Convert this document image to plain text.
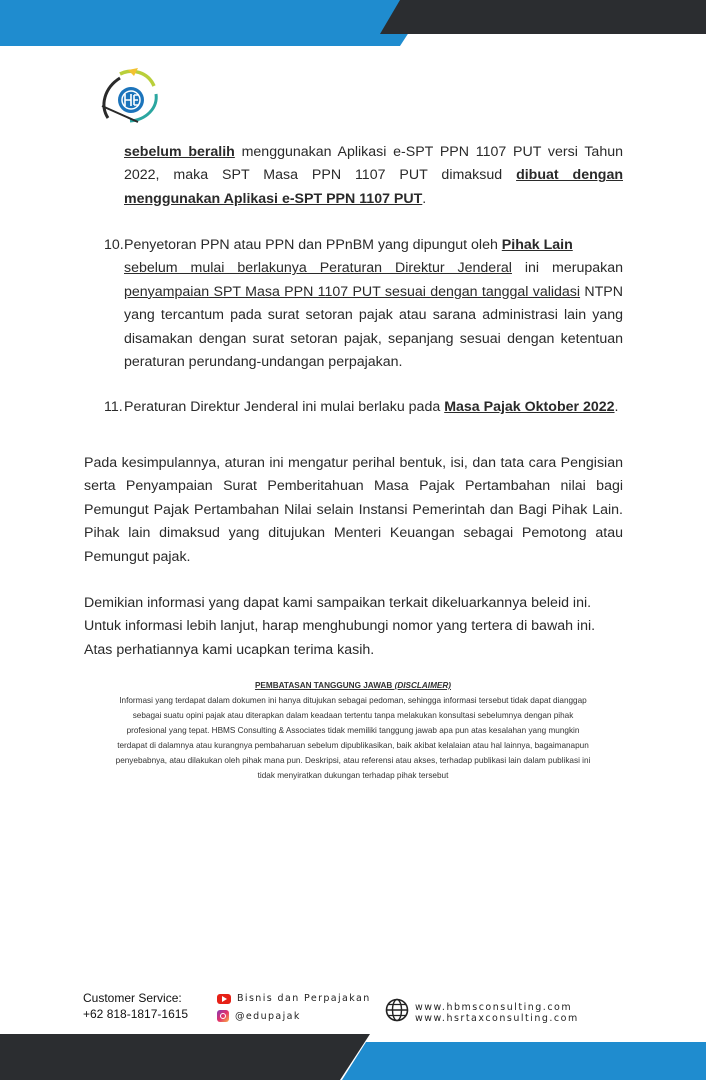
sebelum beralih menggunakan Aplikasi e-SPT PPN 1107 PUT versi Tahun 2022, maka SPT Masa PPN 1107 PUT dimaksud dibuat dengan menggunakan Aplikasi e-SPT PPN 1107 PUT.
10. Penyetoran PPN atau PPN dan PPnBM yang dipungut oleh Pihak Lain
sebelum mulai berlakunya Peraturan Direktur Jenderal ini merupakan
penyampaian SPT Masa PPN 1107 PUT sesuai dengan tanggal validasi NTPN yang tercantum pada surat setoran pajak atau sarana administrasi lain yang disamakan dengan surat setoran pajak, sepanjang sesuai dengan ketentuan peraturan perundang-undangan perpajakan.
11. Peraturan Direktur Jenderal ini mulai berlaku pada Masa Pajak Oktober 2022.
Pada kesimpulannya, aturan ini mengatur perihal bentuk, isi, dan tata cara Pengisian serta Penyampaian Surat Pemberitahuan Masa Pajak Pertambahan nilai bagi Pemungut Pajak Pertambahan Nilai selain Instansi Pemerintah dan Bagi Pihak Lain. Pihak lain dimaksud yang ditujukan Menteri Keuangan sebagai Pemotong atau Pemungut pajak.
Demikian informasi yang dapat kami sampaikan terkait dikeluarkannya beleid ini. Untuk informasi lebih lanjut, harap menghubungi nomor yang tertera di bawah ini. Atas perhatiannya kami ucapkan terima kasih.
PEMBATASAN TANGGUNG JAWAB (DISCLAIMER)
Informasi yang terdapat dalam dokumen ini hanya ditujukan sebagai pedoman, sehingga informasi tersebut tidak dapat dianggap
sebagai suatu opini pajak atau diterapkan dalam keadaan tertentu tanpa melakukan konsultasi sebelumnya dengan pihak
profesional yang tepat. HBMS Consulting & Associates tidak memiliki tanggung jawab apa pun atas kesalahan yang mungkin
terdapat di dalamnya atau kurangnya pembaharuan sebelum dipublikasikan, baik akibat kelalaian atau hal lainnya, bagaimanapun
penyebabnya, atau dilakukan oleh pihak mana pun. Deskripsi, atau referensi atau akses, terhadap publikasi lain dalam publikasi ini
tidak menyiratkan dukungan terhadap pihak tersebut
Customer Service:
+62 818-1817-1615
Bisnis dan Perpajakan
@edupajak
www.hbmsconsulting.com
www.hsrtaxconsulting.com
